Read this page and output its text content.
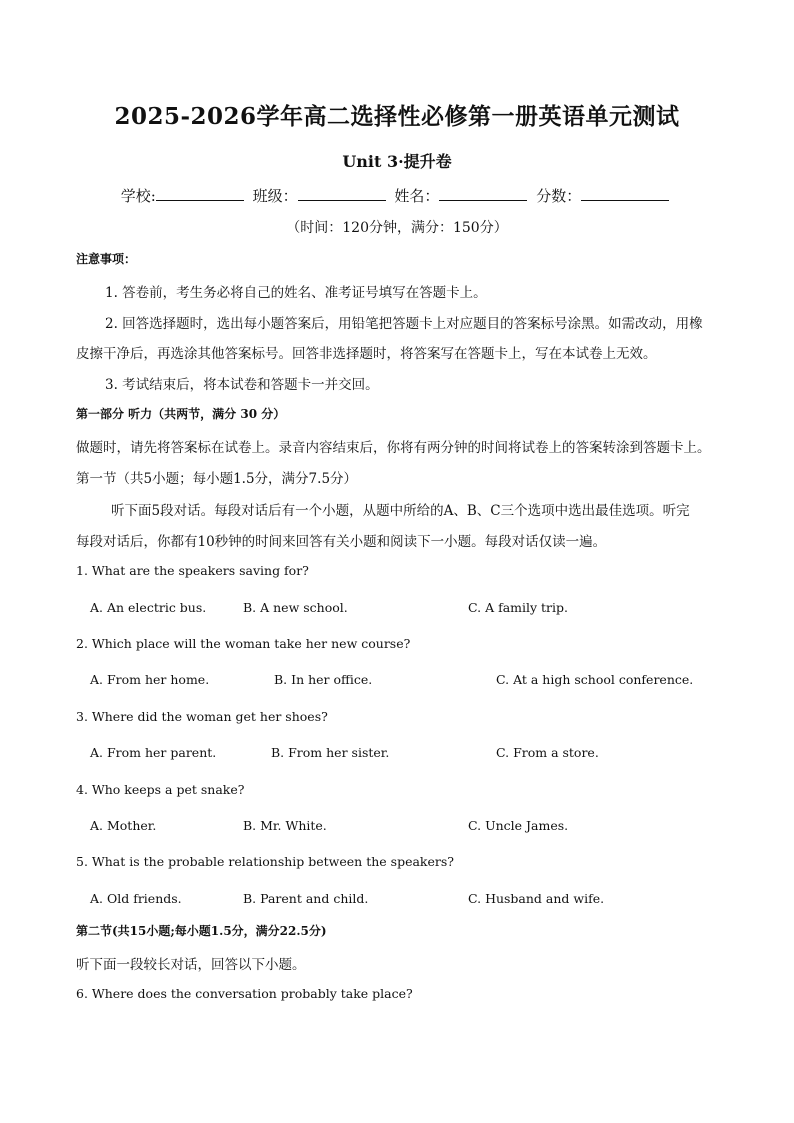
2025-2026学年高二选择性必修第一册英语单元测试
Unit 3·提升卷
学校:	班级：	姓名：	分数：
（时间：120分钟，满分：150分）
注意事项：
1. 答卷前，考生务必将自己的姓名、准考证号填写在答题卡上。
2. 回答选择题时，选出每小题答案后，用铅笔把答题卡上对应题目的答案标号涂黑。如需改动，用橡
皮擦干净后，再选涂其他答案标号。回答非选择题时，将答案写在答题卡上，写在本试卷上无效。
3. 考试结束后，将本试卷和答题卡一并交回。
第一部分 听力（共两节，满分 30 分）
做题时，请先将答案标在试卷上。录音内容结束后，你将有两分钟的时间将试卷上的答案转涂到答题卡上。
第一节（共5小题；每小题1.5分，满分7.5分）
听下面5段对话。每段对话后有一个小题，从题中所给的A、B、C三个选项中选出最佳选项。听完
每段对话后，你都有10秒钟的时间来回答有关小题和阅读下一小题。每段对话仅读一遍。
1. What are the speakers saving for?
A. An electric bus.	B. A new school.	C. A family trip.
2. Which place will the woman take her new course?
A. From her home.	B. In her office.	C. At a high school conference.
3. Where did the woman get her shoes?
A. From her parent.	B. From her sister.	C. From a store.
4. Who keeps a pet snake?
A. Mother.	B. Mr. White.	C. Uncle James.
5. What is the probable relationship between the speakers?
A. Old friends.	B. Parent and child.	C. Husband and wife.
第二节(共15小题;每小题1.5分，满分22.5分)
听下面一段较长对话，回答以下小题。
6. Where does the conversation probably take place?
